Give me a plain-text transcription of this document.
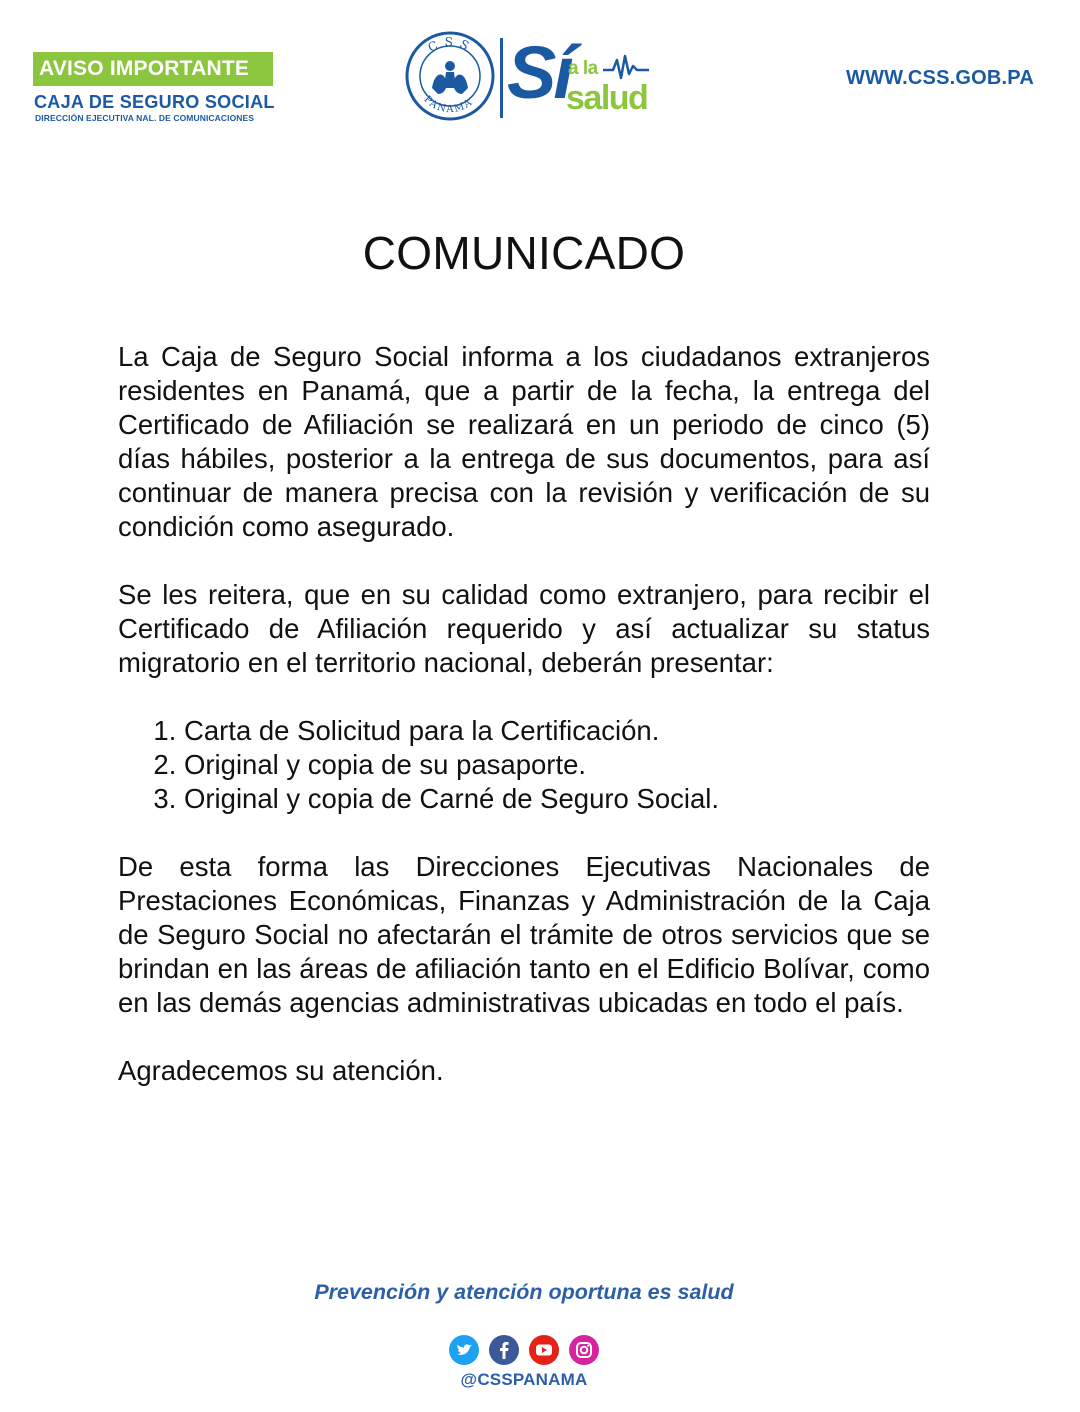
AVISO IMPORTANTE
CAJA DE SEGURO SOCIAL
DIRECCIÓN EJECUTIVA NAL. DE COMUNICACIONES
CSS
PANAMA Sí
a la
salud
WWW.CSS.GOB.PA
COMUNICADO

La Caja de Seguro Social informa a los ciudadanos extranjeros residentes en Panamá, que a partir de la fecha, la entrega del Certificado de Afiliación se realizará en un periodo de cinco (5) días hábiles, posterior a la entrega de sus documentos, para así continuar de manera precisa con la revisión y verificación de su condición como asegurado.

Se les reitera, que en su calidad como extranjero, para recibir el Certificado de Afiliación requerido y así actualizar su status migratorio en el territorio nacional, deberán presentar:

1. Carta de Solicitud para la Certificación.
2. Original y copia de su pasaporte.
3. Original y copia de Carné de Seguro Social.

De esta forma las Direcciones Ejecutivas Nacionales de Prestaciones Económicas, Finanzas y Administración de la Caja de Seguro Social no afectarán el trámite de otros servicios que se brindan en las áreas de afiliación tanto en el Edificio Bolívar, como en las demás agencias administrativas ubicadas en todo el país.

Agradecemos su atención.

Prevención y atención oportuna es salud
@CSSPANAMA
